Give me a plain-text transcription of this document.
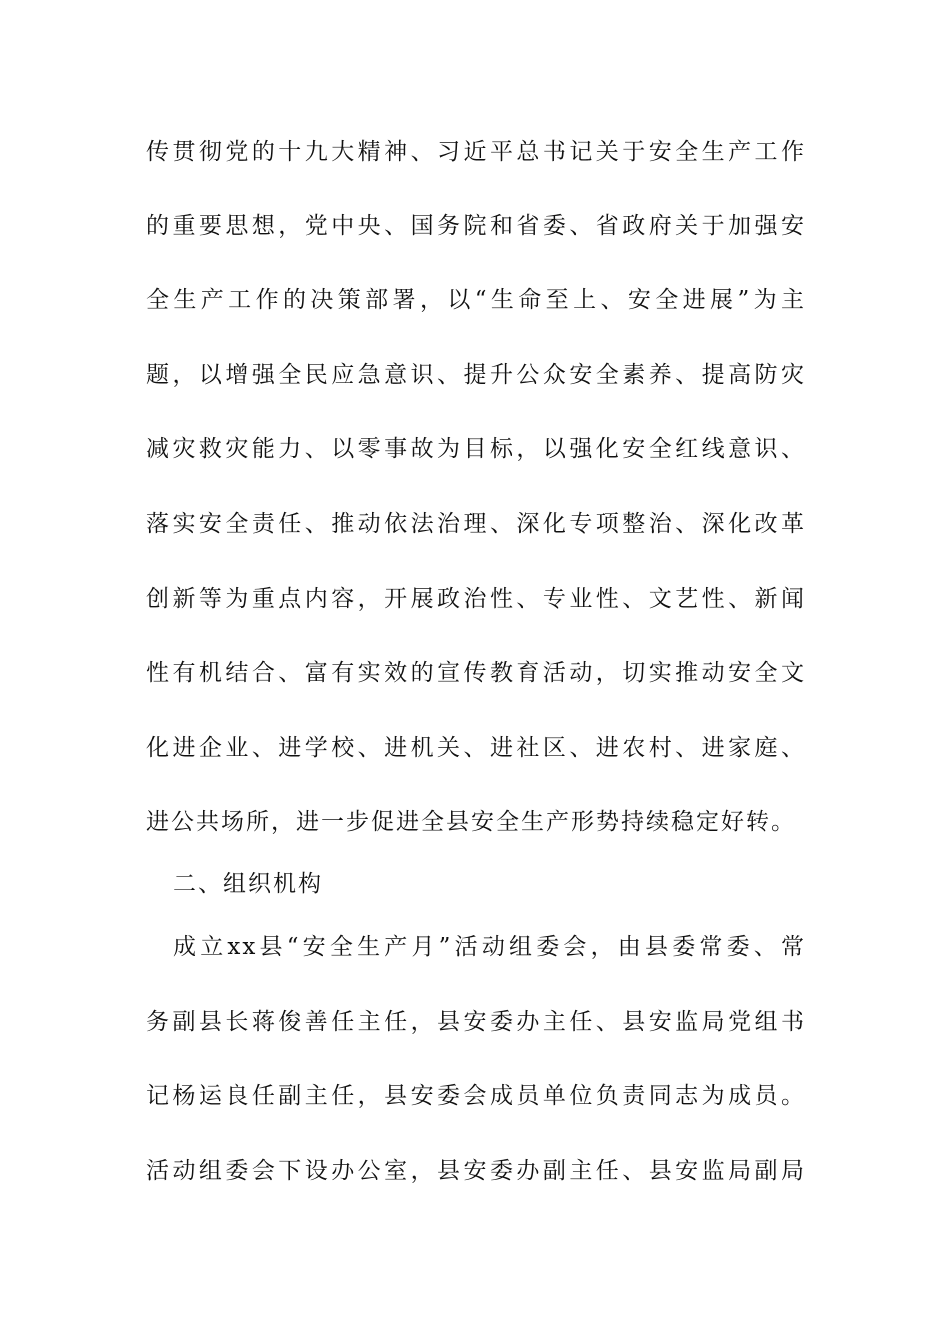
传贯彻党的十九大精神、习近平总书记关于安全生产工作
的重要思想，党中央、国务院和省委、省政府关于加强安
全生产工作的决策部署，以“生命至上、安全进展”为主
题，以增强全民应急意识、提升公众安全素养、提高防灾
减灾救灾能力、以零事故为目标，以强化安全红线意识、
落实安全责任、推动依法治理、深化专项整治、深化改革
创新等为重点内容，开展政治性、专业性、文艺性、新闻
性有机结合、富有实效的宣传教育活动，切实推动安全文
化进企业、进学校、进机关、进社区、进农村、进家庭、
进公共场所，进一步促进全县安全生产形势持续稳定好转。
二、组织机构
成立xx县“安全生产月”活动组委会，由县委常委、常
务副县长蒋俊善任主任，县安委办主任、县安监局党组书
记杨运良任副主任，县安委会成员单位负责同志为成员。
活动组委会下设办公室，县安委办副主任、县安监局副局
